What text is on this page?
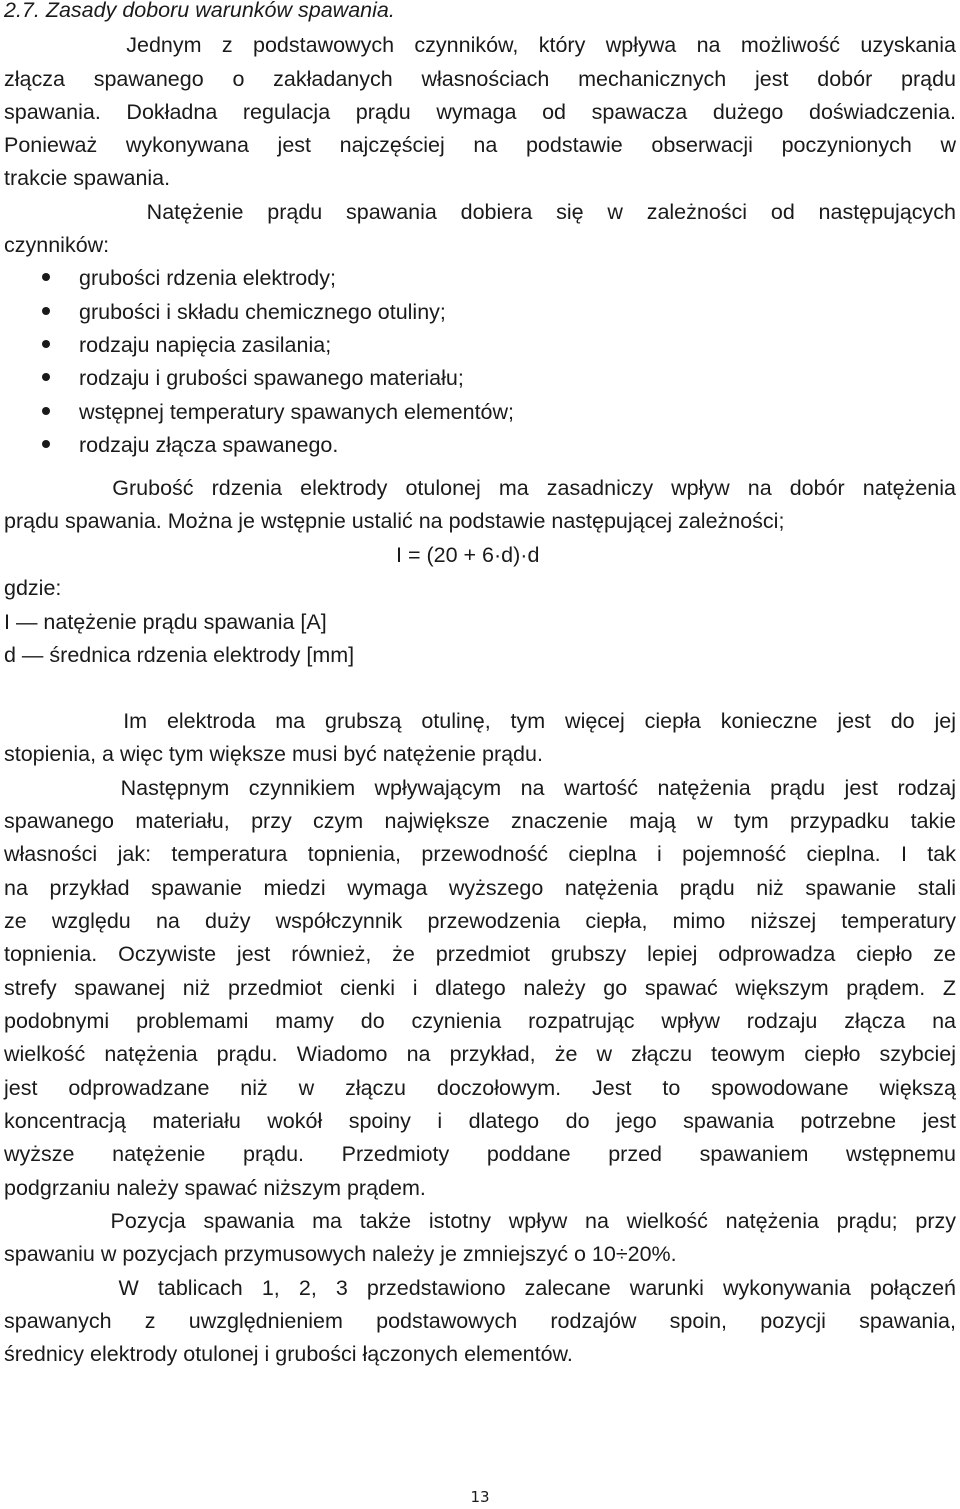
2.7. Zasady doboru warunków spawania.
Jednym z podstawowych czynników, który wpływa na możliwość uzyskania
złącza spawanego o zakładanych własnościach mechanicznych jest dobór prądu
spawania. Dokładna regulacja prądu wymaga od spawacza dużego doświadczenia.
Ponieważ wykonywana jest najczęściej na podstawie obserwacji poczynionych w
trakcie spawania.
Natężenie prądu spawania dobiera się w zależności od następujących
czynników:
grubości rdzenia elektrody;
grubości i składu chemicznego otuliny;
rodzaju napięcia zasilania;
rodzaju i grubości spawanego materiału;
wstępnej temperatury spawanych elementów;
rodzaju złącza spawanego.
Grubość rdzenia elektrody otulonej ma zasadniczy wpływ na dobór natężenia
prądu spawania. Można je wstępnie ustalić na podstawie następującej zależności;
I = (20 + 6·d)·d
gdzie:
I — natężenie prądu spawania [A]
d — średnica rdzenia elektrody [mm]
Im elektroda ma grubszą otulinę, tym więcej ciepła konieczne jest do jej
stopienia, a więc tym większe musi być natężenie prądu.
Następnym czynnikiem wpływającym na wartość natężenia prądu jest rodzaj
spawanego materiału, przy czym największe znaczenie mają w tym przypadku takie
własności jak: temperatura topnienia, przewodność cieplna i pojemność cieplna. I tak
na przykład spawanie miedzi wymaga wyższego natężenia prądu niż spawanie stali
ze względu na duży współczynnik przewodzenia ciepła, mimo niższej temperatury
topnienia. Oczywiste jest również, że przedmiot grubszy lepiej odprowadza ciepło ze
strefy spawanej niż przedmiot cienki i dlatego należy go spawać większym prądem. Z
podobnymi problemami mamy do czynienia rozpatrując wpływ rodzaju złącza na
wielkość natężenia prądu. Wiadomo na przykład, że w złączu teowym ciepło szybciej
jest odprowadzane niż w złączu doczołowym. Jest to spowodowane większą
koncentracją materiału wokół spoiny i dlatego do jego spawania potrzebne jest
wyższe natężenie prądu. Przedmioty poddane przed spawaniem wstępnemu
podgrzaniu należy spawać niższym prądem.
Pozycja spawania ma także istotny wpływ na wielkość natężenia prądu; przy
spawaniu w pozycjach przymusowych należy je zmniejszyć o 10÷20%.
W tablicach 1, 2, 3 przedstawiono zalecane warunki wykonywania połączeń
spawanych z uwzględnieniem podstawowych rodzajów spoin, pozycji spawania,
średnicy elektrody otulonej i grubości łączonych elementów.
13
